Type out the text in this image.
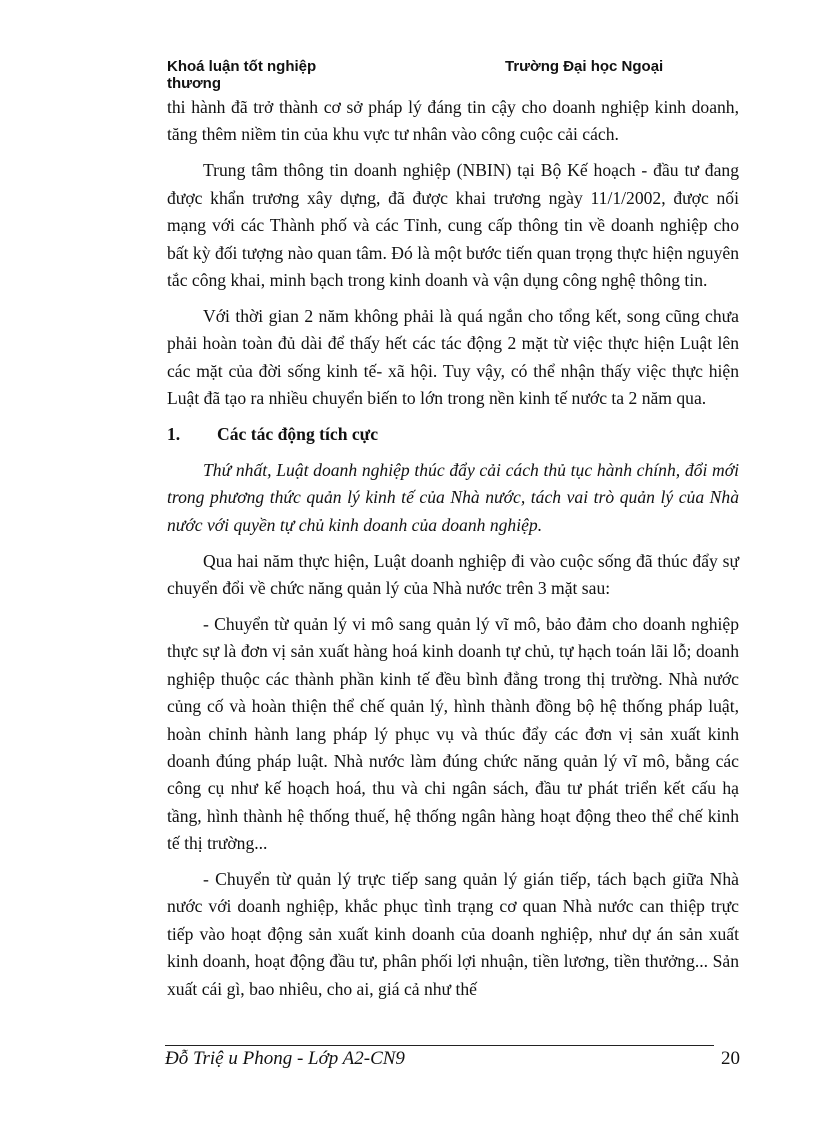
Khoá luận tốt nghiệp thương
Trường Đại học Ngoại

thi hành đã trở thành cơ sở pháp lý đáng tin cậy cho doanh nghiệp kinh doanh, tăng thêm niềm tin của khu vực tư nhân vào công cuộc cải cách.

Trung tâm thông tin doanh nghiệp (NBIN) tại Bộ Kế hoạch - đầu tư đang được khẩn trương xây dựng, đã được khai trương ngày 11/1/2002, được nối mạng với các Thành phố và các Tỉnh, cung cấp thông tin về doanh nghiệp cho bất kỳ đối tượng nào quan tâm. Đó là một bước tiến quan trọng thực hiện nguyên tắc công khai, minh bạch trong kinh doanh và vận dụng công nghệ thông tin.

Với thời gian 2 năm không phải là quá ngắn cho tổng kết, song cũng chưa phải hoàn toàn đủ dài để thấy hết các tác động 2 mặt từ việc thực hiện Luật lên các mặt của đời sống kinh tế- xã hội. Tuy vậy, có thể nhận thấy việc thực hiện Luật đã tạo ra nhiều chuyển biến to lớn trong nền kinh tế nước ta 2 năm qua.

1.	Các tác động tích cực

Thứ nhất, Luật doanh nghiệp thúc đẩy cải cách thủ tục hành chính, đổi mới trong phương thức quản lý kinh tế của Nhà nước, tách vai trò quản lý của Nhà nước với quyền tự chủ kinh doanh của doanh nghiệp.

Qua hai năm thực hiện, Luật doanh nghiệp đi vào cuộc sống đã thúc đẩy sự chuyển đổi về chức năng quản lý của Nhà nước trên 3 mặt sau:

- Chuyển từ quản lý vi mô sang quản lý vĩ mô, bảo đảm cho doanh nghiệp thực sự là đơn vị sản xuất hàng hoá kinh doanh tự chủ, tự hạch toán lãi lỗ; doanh nghiệp thuộc các thành phần kinh tế đều bình đẳng trong thị trường. Nhà nước củng cố và hoàn thiện thể chế quản lý, hình thành đồng bộ hệ thống pháp luật, hoàn chỉnh hành lang pháp lý phục vụ và thúc đẩy các đơn vị sản xuất kinh doanh đúng pháp luật. Nhà nước làm đúng chức năng quản lý vĩ mô, bằng các công cụ như kế hoạch hoá, thu và chi ngân sách, đầu tư phát triển kết cấu hạ tầng, hình thành hệ thống thuế, hệ thống ngân hàng hoạt động theo thể chế kinh tế thị trường...

- Chuyển từ quản lý trực tiếp sang quản lý gián tiếp, tách bạch giữa Nhà nước với doanh nghiệp, khắc phục tình trạng cơ quan Nhà nước can thiệp trực tiếp vào hoạt động sản xuất kinh doanh của doanh nghiệp, như dự án sản xuất kinh doanh, hoạt động đầu tư, phân phối lợi nhuận, tiền lương, tiền thưởng... Sản xuất cái gì, bao nhiêu, cho ai, giá cả như thế

Đỗ Triệ u Phong - Lớp A2-CN9	20
